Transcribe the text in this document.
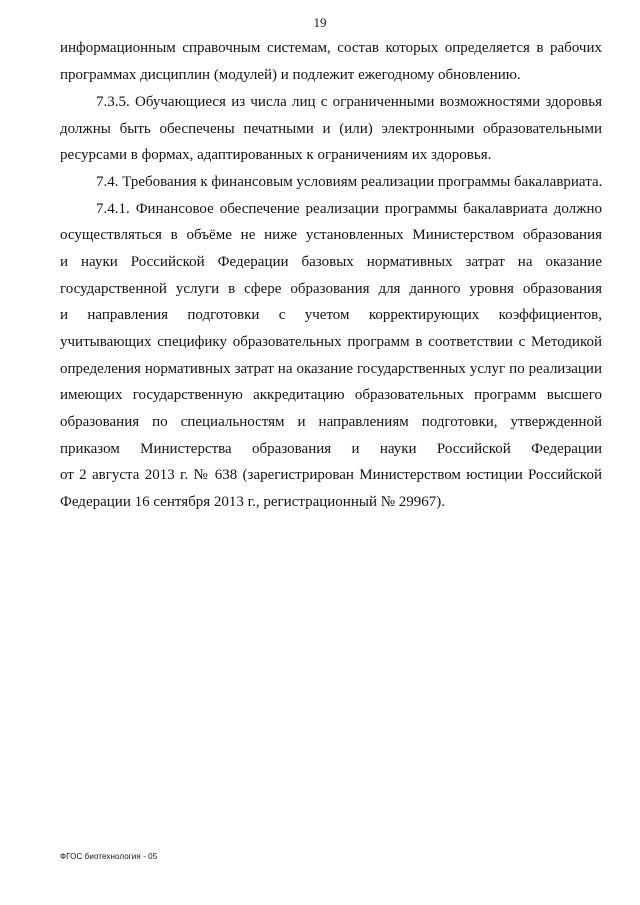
19
информационным справочным системам, состав которых определяется в рабочих
программах дисциплин (модулей) и подлежит ежегодному обновлению.
7.3.5. Обучающиеся из числа лиц с ограниченными возможностями здоровья
должны быть обеспечены печатными и (или) электронными образовательными
ресурсами в формах, адаптированных к ограничениям их здоровья.
7.4. Требования к финансовым условиям реализации программы бакалавриата.
7.4.1. Финансовое обеспечение реализации программы бакалавриата должно
осуществляться в объёме не ниже установленных Министерством образования
и науки Российской Федерации базовых нормативных затрат на оказание
государственной услуги в сфере образования для данного уровня образования
и направления подготовки с учетом корректирующих коэффициентов,
учитывающих специфику образовательных программ в соответствии с Методикой
определения нормативных затрат на оказание государственных услуг по реализации
имеющих государственную аккредитацию образовательных программ высшего
образования по специальностям и направлениям подготовки, утвержденной
приказом Министерства образования и науки Российской Федерации
от 2 августа 2013 г. № 638 (зарегистрирован Министерством юстиции Российской
Федерации 16 сентября 2013 г., регистрационный № 29967).
ФГОС биотехнология - 05
